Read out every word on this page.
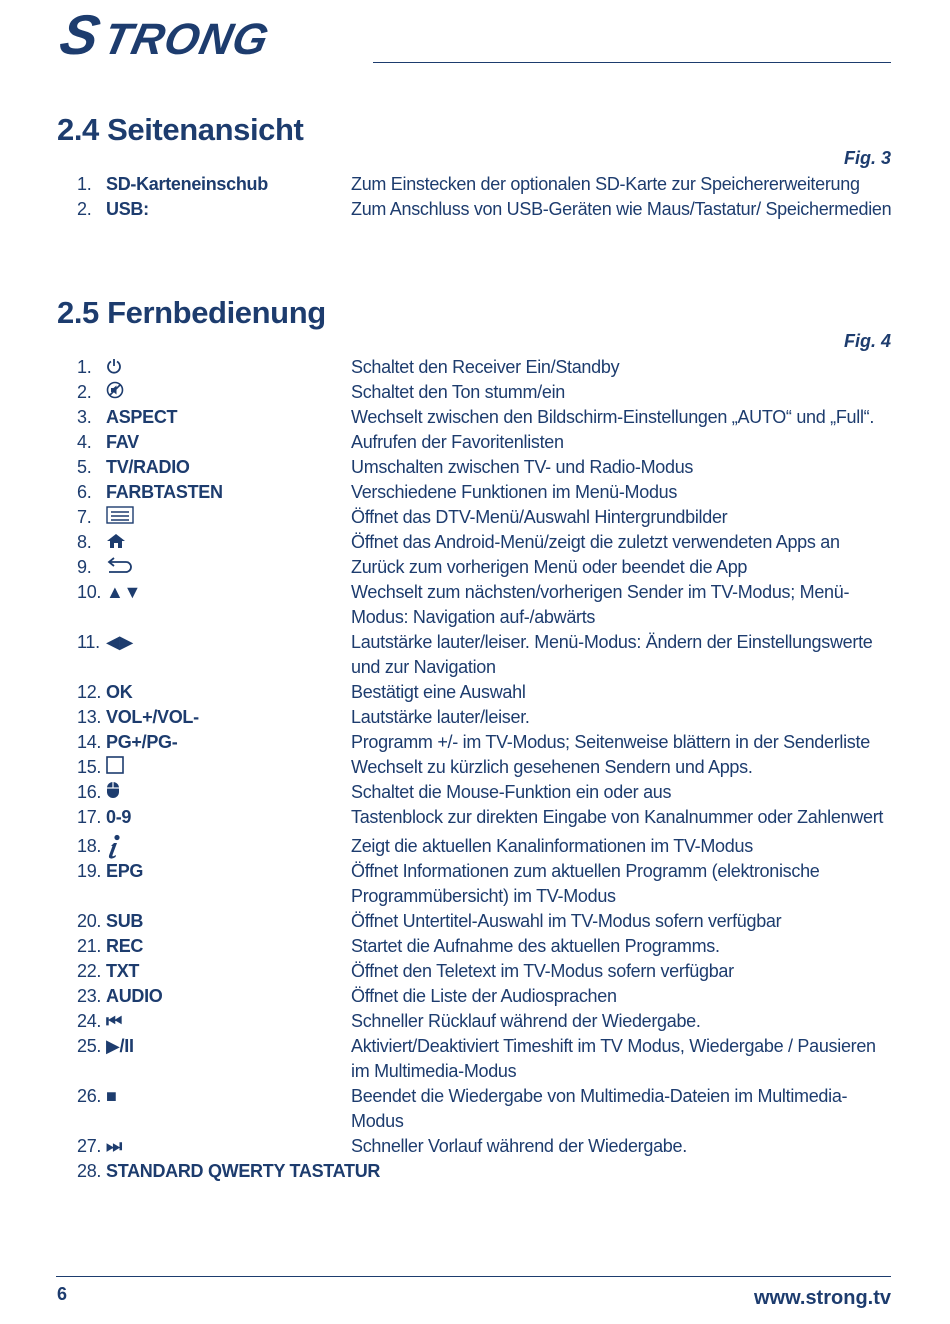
S
TRONG
2.4 Seitenansicht
Fig. 3
1. SD-Karteneinschub	Zum Einstecken der optionalen SD-Karte zur Speichererweiterung
2. USB:	Zum Anschluss von USB-Geräten wie Maus/Tastatur/ Speichermedien
2.5 Fernbedienung
Fig. 4
1.	Schaltet den Receiver Ein/Standby
2.	Schaltet den Ton stumm/ein
3. ASPECT	Wechselt zwischen den Bildschirm-Einstellungen „AUTO“ und „Full“.
4. FAV	Aufrufen der Favoritenlisten
5. TV/RADIO	Umschalten zwischen TV- und Radio-Modus
6. FARBTASTEN	Verschiedene Funktionen im Menü-Modus
7.	Öffnet das DTV-Menü/Auswahl Hintergrundbilder
8.	Öffnet das Android-Menü/zeigt die zuletzt verwendeten Apps an
9.	Zurück zum vorherigen Menü oder beendet die App
10. ▲▼	Wechselt zum nächsten/vorherigen Sender im TV-Modus; Menü-Modus: Navigation auf-/abwärts
11. ◀▶	Lautstärke lauter/leiser. Menü-Modus: Ändern der Einstellungswerte und zur Navigation
12. OK	Bestätigt eine Auswahl
13. VOL+/VOL-	Lautstärke lauter/leiser.
14. PG+/PG-	Programm +/- im TV-Modus; Seitenweise blättern in der Senderliste
15.	Wechselt zu kürzlich gesehenen Sendern und Apps.
16.	Schaltet die Mouse-Funktion ein oder aus
17. 0-9	Tastenblock zur direkten Eingabe von Kanalnummer oder Zahlenwert
18.	Zeigt die aktuellen Kanalinformationen im TV-Modus
19. EPG	Öffnet Informationen zum aktuellen Programm (elektronische Programmübersicht) im TV-Modus
20. SUB	Öffnet Untertitel-Auswahl im TV-Modus sofern verfügbar
21. REC	Startet die Aufnahme des aktuellen Programms.
22. TXT	Öffnet den Teletext im TV-Modus sofern verfügbar
23. AUDIO	Öffnet die Liste der Audiosprachen
24. ⏮	Schneller Rücklauf während der Wiedergabe.
25. ▶/II	Aktiviert/Deaktiviert Timeshift im TV Modus, Wiedergabe / Pausieren im Multimedia-Modus
26. ■	Beendet die Wiedergabe von Multimedia-Dateien im Multimedia-Modus
27. ⏭	Schneller Vorlauf während der Wiedergabe.
28. STANDARD QWERTY TASTATUR
6	www.strong.tv
